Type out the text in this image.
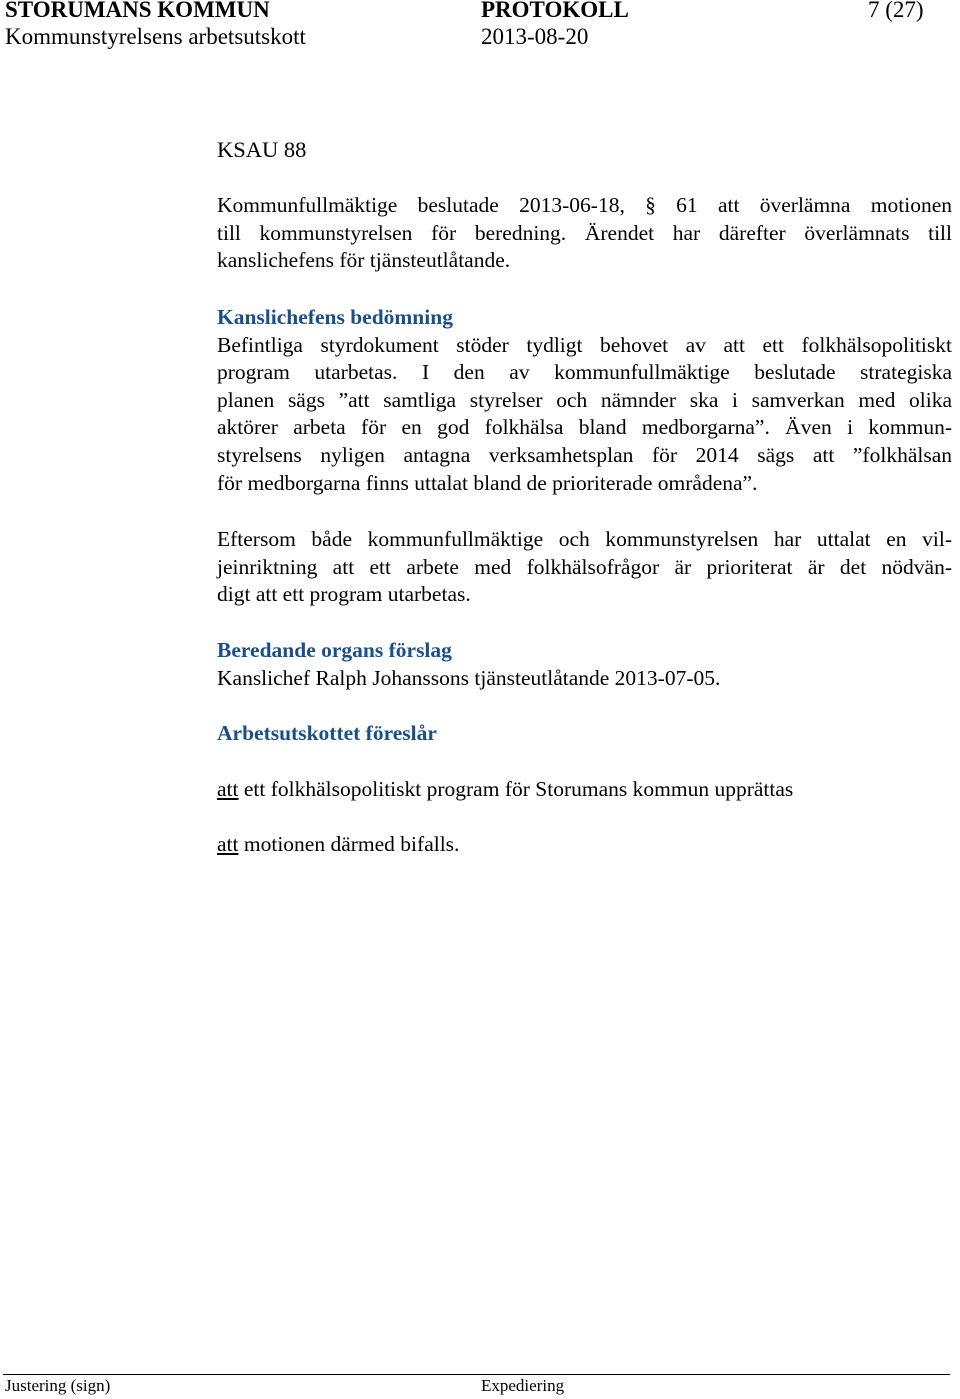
STORUMANS KOMMUN	PROTOKOLL	7 (27)
Kommunstyrelsens arbetsutskott	2013-08-20
KSAU 88
Kommunfullmäktige beslutade 2013-06-18, § 61 att överlämna motionen
till kommunstyrelsen för beredning. Ärendet har därefter överlämnats till
kanslichefens för tjänsteutlåtande.
Kanslichefens bedömning
Befintliga styrdokument stöder tydligt behovet av att ett folkhälsopolitiskt
program utarbetas. I den av kommunfullmäktige beslutade strategiska
planen sägs ”att samtliga styrelser och nämnder ska i samverkan med olika
aktörer arbeta för en god folkhälsa bland medborgarna”. Även i kommun-
styrelsens nyligen antagna verksamhetsplan för 2014 sägs att ”folkhälsan
för medborgarna finns uttalat bland de prioriterade områdena”.
Eftersom både kommunfullmäktige och kommunstyrelsen har uttalat en vil-
jeinriktning att ett arbete med folkhälsofrågor är prioriterat är det nödvän-
digt att ett program utarbetas.
Beredande organs förslag
Kanslichef Ralph Johanssons tjänsteutlåtande 2013-07-05.
Arbetsutskottet föreslår
att ett folkhälsopolitiskt program för Storumans kommun upprättas
att motionen därmed bifalls.
Justering (sign)	Expediering
